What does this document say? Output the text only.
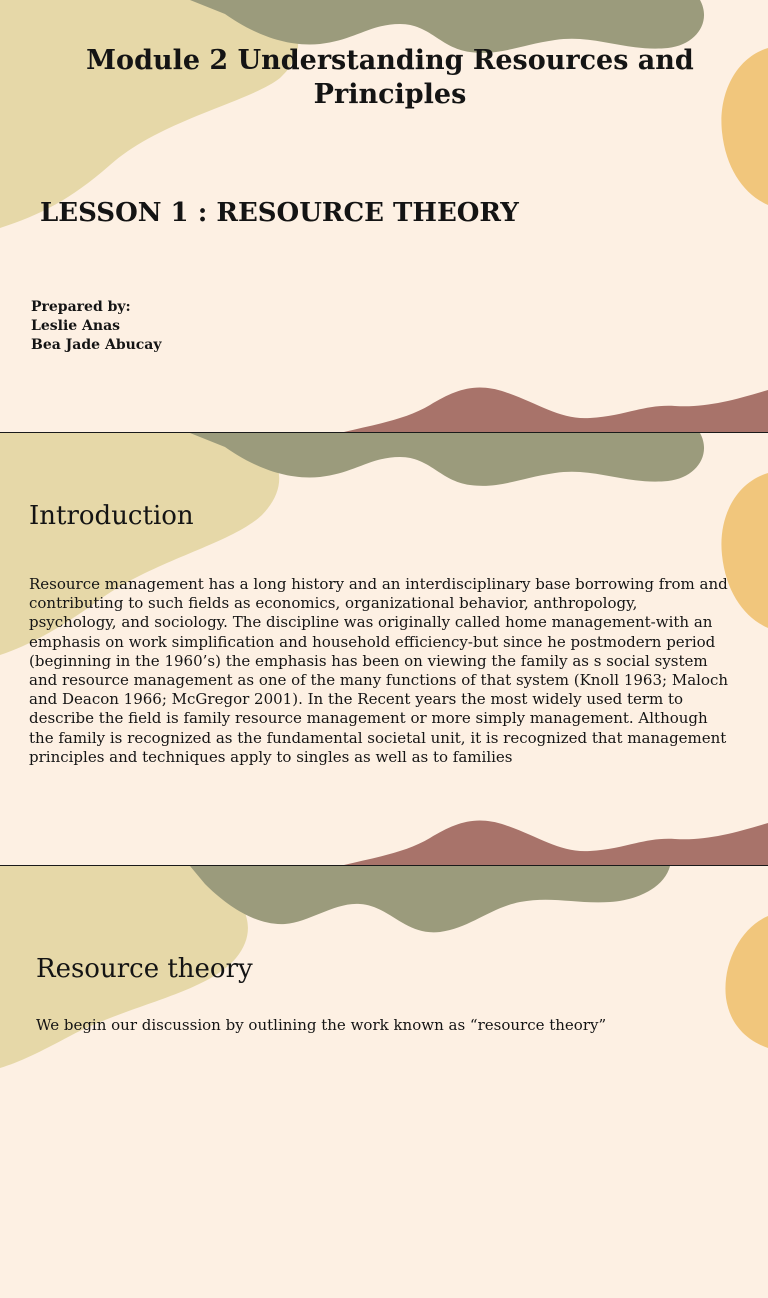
Module 2 Understanding Resources and Principles
LESSON 1 : RESOURCE THEORY
Prepared by:
Leslie Anas
Bea Jade Abucay
Introduction
Resource management has a long history and an interdisciplinary base borrowing from and contributing to such fields as economics, organizational behavior, anthropology, psychology, and sociology. The discipline was originally called home management-with an emphasis on work simplification and household efficiency-but since he postmodern period (beginning in the 1960’s) the emphasis has been on viewing the family as s social system and resource management as one of the many functions of that system (Knoll 1963; Maloch and Deacon 1966; McGregor 2001). In the Recent years the most widely used term to describe the field is family resource management or more simply management. Although the family is recognized as the fundamental societal unit, it is recognized that management principles and techniques apply to singles as well as to families
Resource theory
We begin our discussion by outlining the work known as “resource theory”
